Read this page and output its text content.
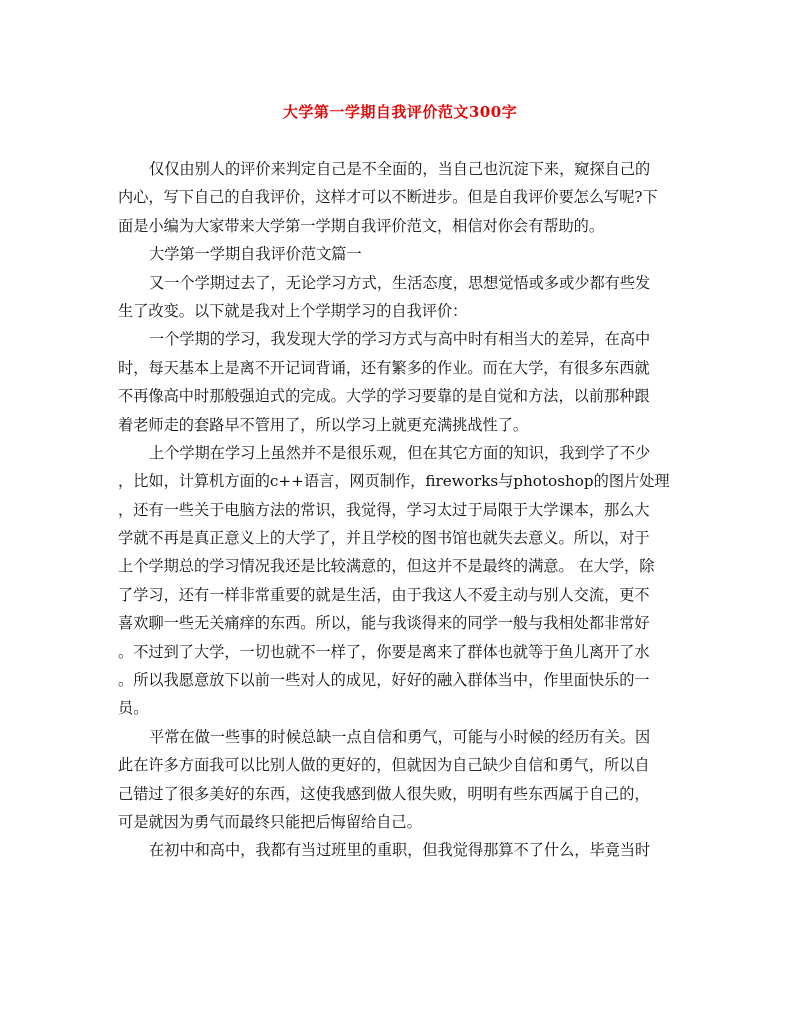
大学第一学期自我评价范文300字
仅仅由别人的评价来判定自己是不全面的，当自己也沉淀下来，窥探自己的
内心，写下自己的自我评价，这样才可以不断进步。但是自我评价要怎么写呢?下
面是小编为大家带来大学第一学期自我评价范文，相信对你会有帮助的。
大学第一学期自我评价范文篇一
又一个学期过去了，无论学习方式，生活态度，思想觉悟或多或少都有些发
生了改变。以下就是我对上个学期学习的自我评价：
一个学期的学习，我发现大学的学习方式与高中时有相当大的差异，在高中
时，每天基本上是离不开记词背诵，还有繁多的作业。而在大学，有很多东西就
不再像高中时那般强迫式的完成。大学的学习要靠的是自觉和方法，以前那种跟
着老师走的套路早不管用了，所以学习上就更充满挑战性了。
上个学期在学习上虽然并不是很乐观，但在其它方面的知识，我到学了不少
，比如，计算机方面的c++语言，网页制作，fireworks与photoshop的图片处理
，还有一些关于电脑方法的常识，我觉得，学习太过于局限于大学课本，那么大
学就不再是真正意义上的大学了，并且学校的图书馆也就失去意义。所以，对于
上个学期总的学习情况我还是比较满意的，但这并不是最终的满意。 在大学，除
了学习，还有一样非常重要的就是生活，由于我这人不爱主动与别人交流，更不
喜欢聊一些无关痛痒的东西。所以，能与我谈得来的同学一般与我相处都非常好
。不过到了大学，一切也就不一样了，你要是离来了群体也就等于鱼儿离开了水
。所以我愿意放下以前一些对人的成见，好好的融入群体当中，作里面快乐的一
员。
平常在做一些事的时候总缺一点自信和勇气，可能与小时候的经历有关。因
此在许多方面我可以比别人做的更好的，但就因为自己缺少自信和勇气，所以自
己错过了很多美好的东西，这使我感到做人很失败，明明有些东西属于自己的，
可是就因为勇气而最终只能把后悔留给自己。
在初中和高中，我都有当过班里的重职，但我觉得那算不了什么，毕竟当时
